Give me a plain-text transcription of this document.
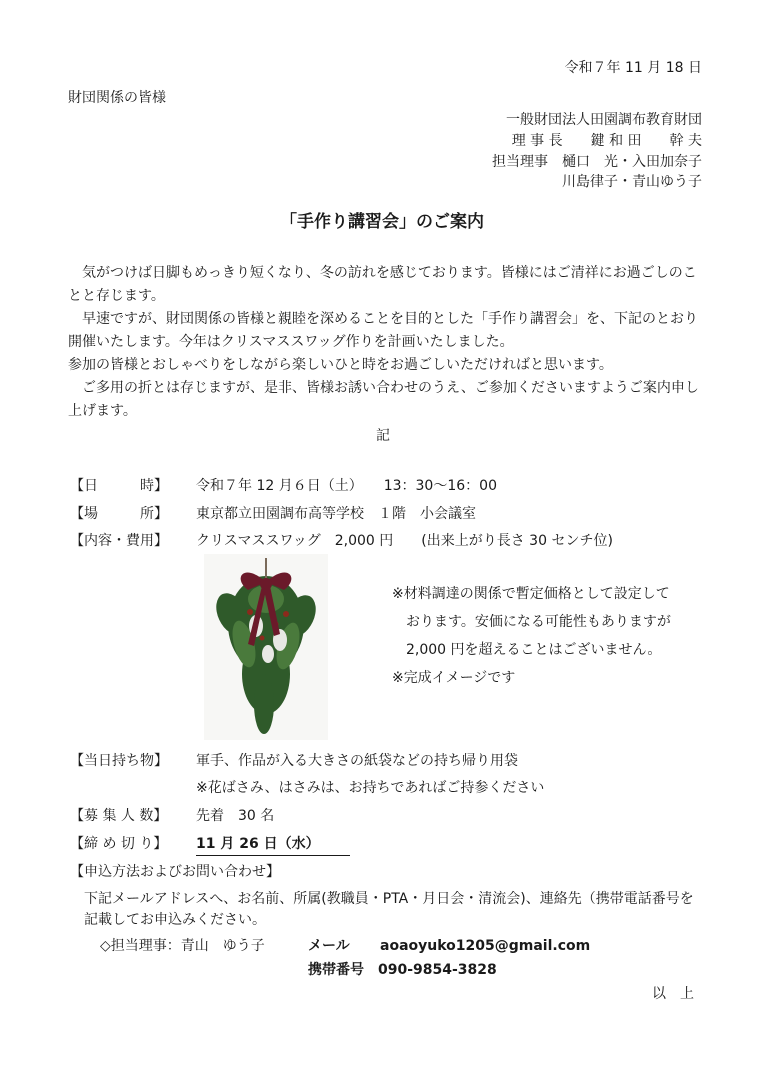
令和７年 11 月 18 日
財団関係の皆様
一般財団法人田園調布教育財団
理 事 長　　鍵 和 田　　幹 夫
担当理事　樋口　光・入田加奈子
川島律子・青山ゆう子
「手作り講習会」のご案内
　気がつけば日脚もめっきり短くなり、冬の訪れを感じております。皆様にはご清祥にお過ごしのこ
とと存じます。
　早速ですが、財団関係の皆様と親睦を深めることを目的とした「手作り講習会」を、下記のとおり
開催いたします。今年はクリスマススワッグ作りを計画いたしました。
参加の皆様とおしゃべりをしながら楽しいひと時をお過ごしいただければと思います。
　ご多用の折とは存じますが、是非、皆様お誘い合わせのうえ、ご参加くださいますようご案内申し
上げます。
記
【日　　　時】 令和７年 12 月６日（土）　　13：30～16：00
【場　　　所】 東京都立田園調布高等学校　１階　小会議室
【内容・費用】 クリスマススワッグ　2,000 円　　(出来上がり長さ 30 センチ位)
※材料調達の関係で暫定価格として設定して
　おります。安価になる可能性もありますが
　2,000 円を超えることはございません。
※完成イメージです
【当日持ち物】 軍手、作品が入る大きさの紙袋などの持ち帰り用袋
※花ばさみ、はさみは、お持ちであればご持参ください
【募 集 人 数】 先着　30 名
【締 め 切 り】 11 月 26 日（水）
【申込方法およびお問い合わせ】
下記メールアドレスへ、お名前、所属(教職員・PTA・月日会・清流会)、連絡先（携帯電話番号を
記載してお申込みください。
◇担当理事：青山　ゆう子	メール aoaoyuko1205@gmail.com
携帯番号 090-9854-3828
以　上
